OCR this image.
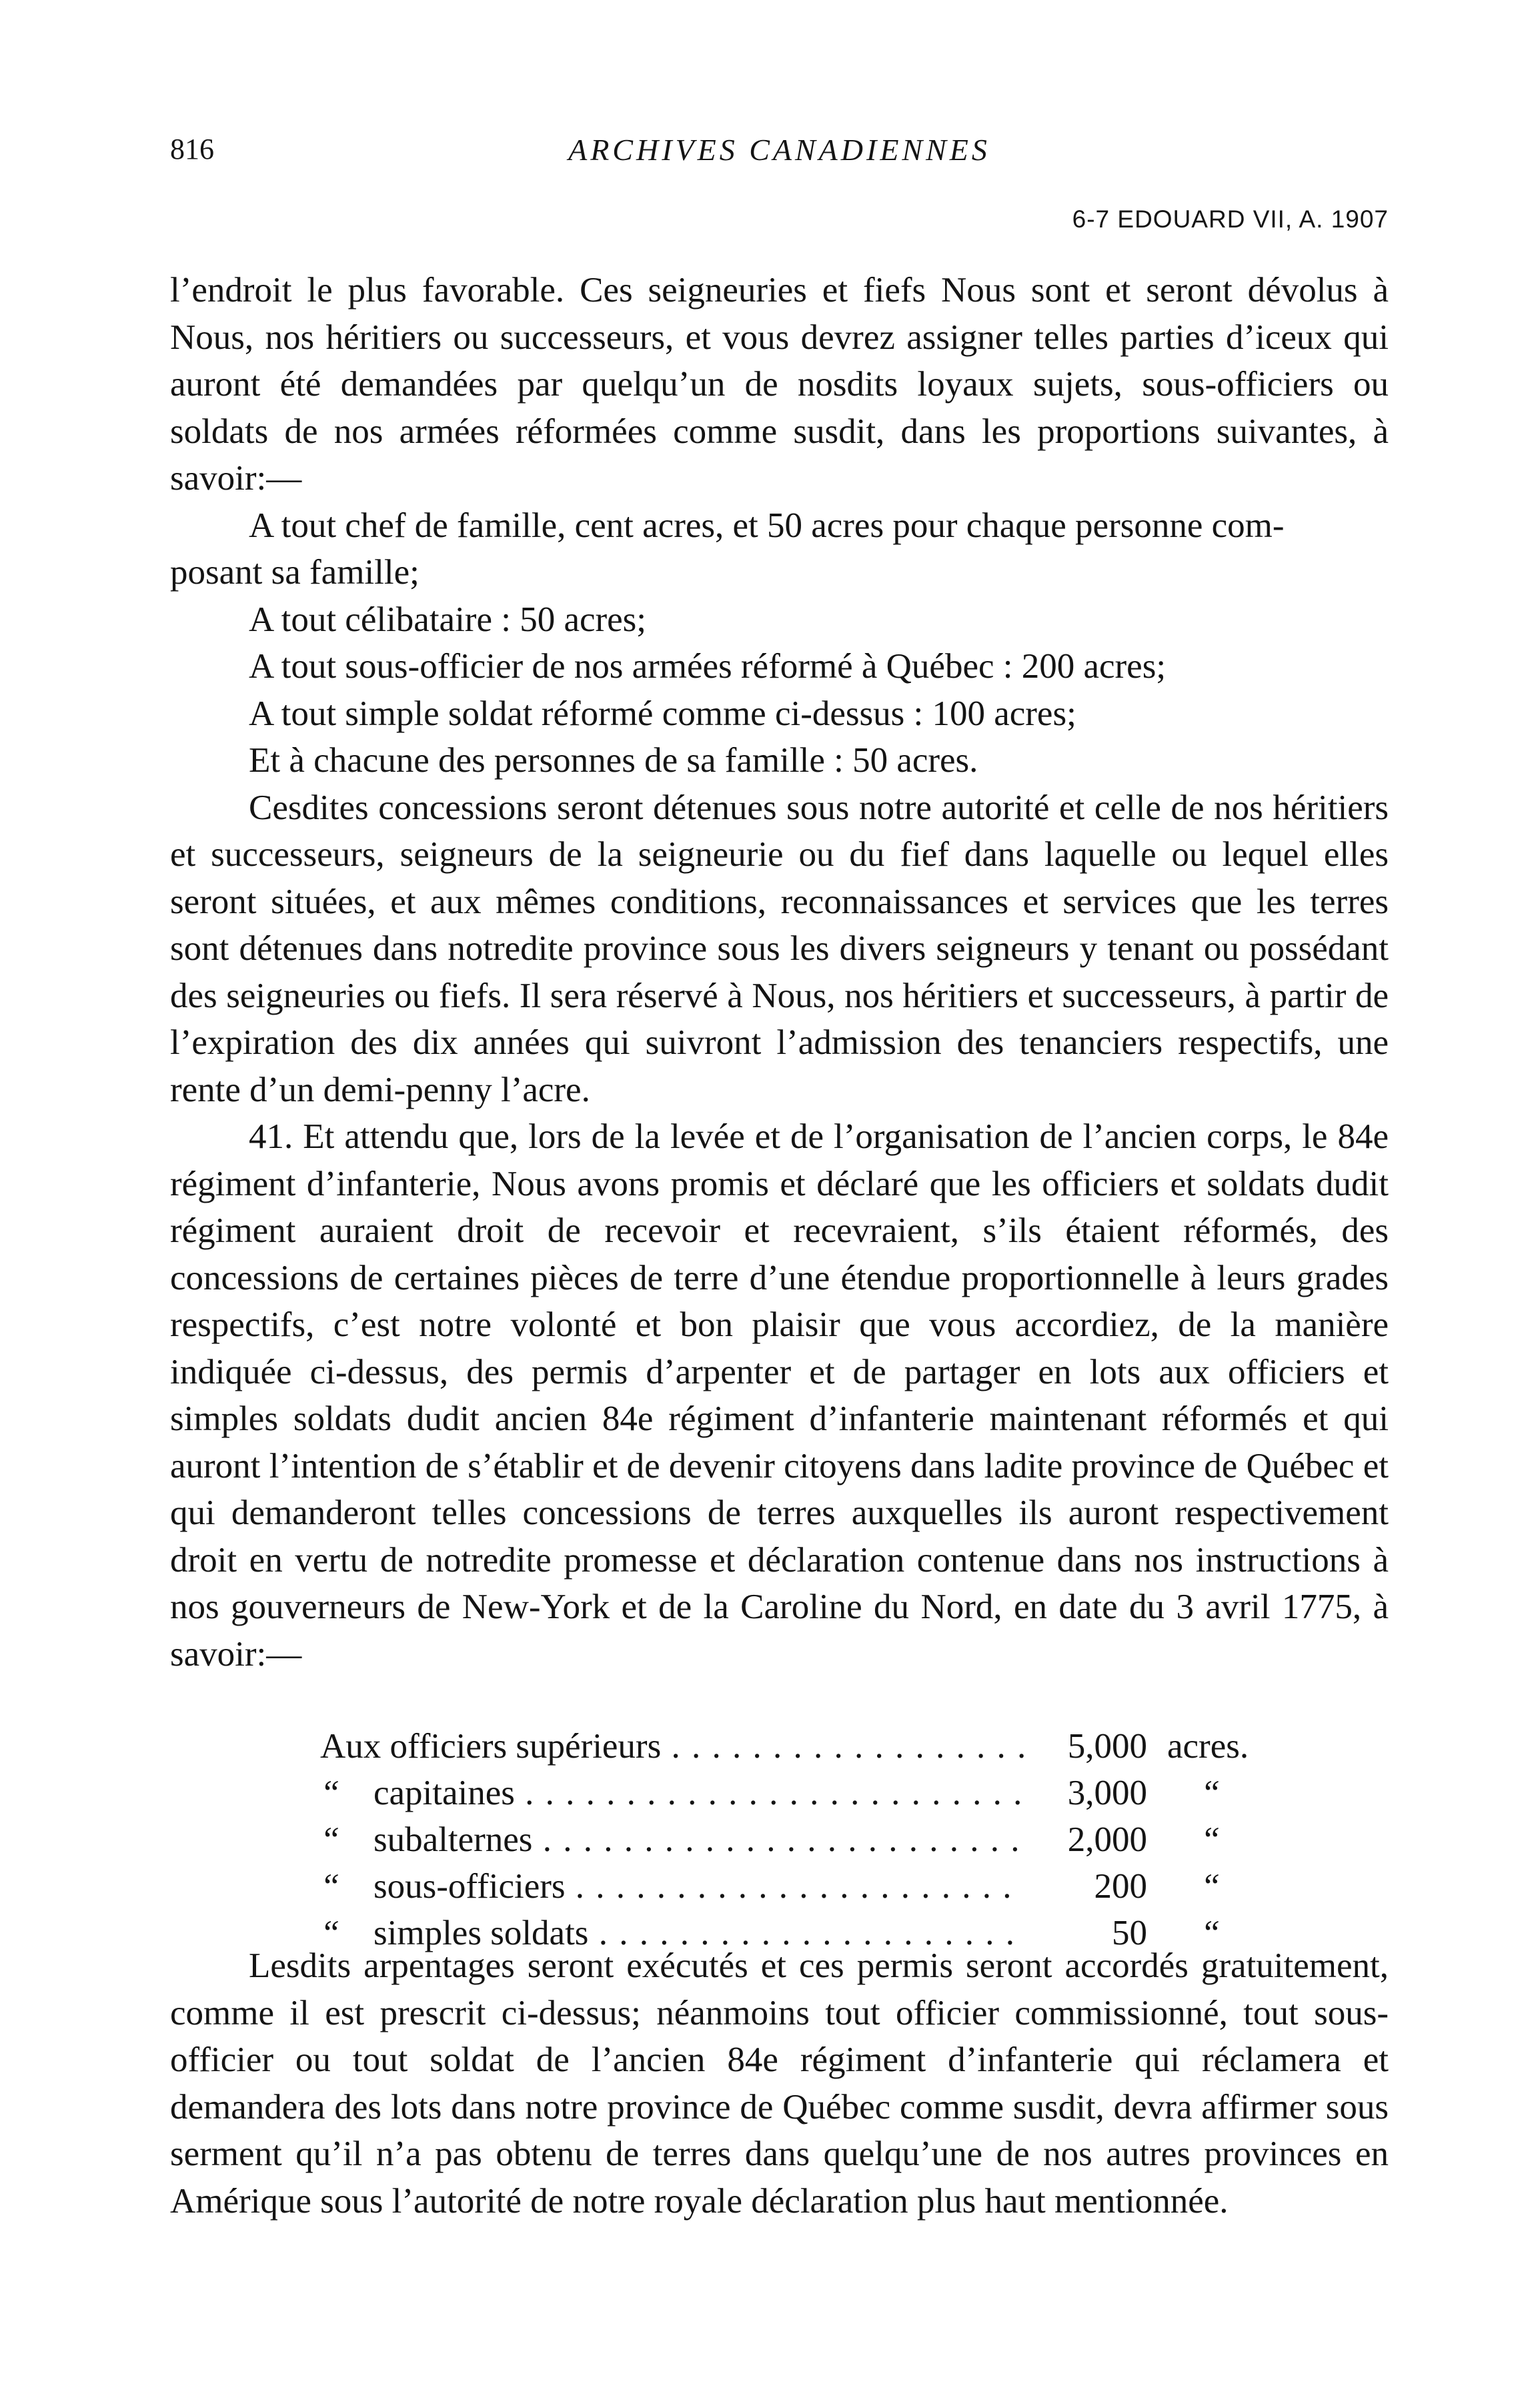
816	ARCHIVES CANADIENNES
6-7 EDOUARD VII, A. 1907

l’endroit le plus favorable. Ces seigneuries et fiefs Nous sont et seront dévolus à Nous, nos héritiers ou successeurs, et vous devrez assigner telles parties d’iceux qui auront été demandées par quelqu’un de nosdits loyaux sujets, sous-officiers ou soldats de nos armées réformées comme susdit, dans les proportions suivantes, à savoir:—

A tout chef de famille, cent acres, et 50 acres pour chaque personne com-

posant sa famille;

A tout célibataire : 50 acres;

A tout sous-officier de nos armées réformé à Québec : 200 acres;

A tout simple soldat réformé comme ci-dessus : 100 acres;

Et à chacune des personnes de sa famille : 50 acres.

Cesdites concessions seront détenues sous notre autorité et celle de nos héritiers et successeurs, seigneurs de la seigneurie ou du fief dans laquelle ou lequel elles seront situées, et aux mêmes conditions, reconnaissances et services que les terres sont détenues dans notredite province sous les divers seigneurs y tenant ou possédant des seigneuries ou fiefs. Il sera réservé à Nous, nos héritiers et successeurs, à partir de l’expiration des dix années qui suivront l’admission des tenanciers respectifs, une rente d’un demi-penny l’acre.

41. Et attendu que, lors de la levée et de l’organisation de l’ancien corps, le 84e régiment d’infanterie, Nous avons promis et déclaré que les officiers et soldats dudit régiment auraient droit de recevoir et recevraient, s’ils étaient réformés, des concessions de certaines pièces de terre d’une étendue proportionnelle à leurs grades respectifs, c’est notre volonté et bon plaisir que vous accordiez, de la manière indiquée ci-dessus, des permis d’arpenter et de partager en lots aux officiers et simples soldats dudit ancien 84e régiment d’infanterie maintenant réformés et qui auront l’intention de s’établir et de devenir citoyens dans ladite province de Québec et qui demanderont telles concessions de terres auxquelles ils auront respectivement droit en vertu de notredite promesse et déclaration contenue dans nos instructions à nos gouverneurs de New-York et de la Caroline du Nord, en date du 3 avril 1775, à savoir:—

Aux officiers supérieurs . . .	5,000 acres.
“ capitaines . . .	3,000 “
“ subalternes . . .	2,000 “
“ sous-officiers . . .	200 “
“ simples soldats . . .	50 “

Lesdits arpentages seront exécutés et ces permis seront accordés gratuitement, comme il est prescrit ci-dessus; néanmoins tout officier commissionné, tout sous-officier ou tout soldat de l’ancien 84e régiment d’infanterie qui réclamera et demandera des lots dans notre province de Québec comme susdit, devra affirmer sous serment qu’il n’a pas obtenu de terres dans quelqu’une de nos autres provinces en Amérique sous l’autorité de notre royale déclaration plus haut mentionnée.
